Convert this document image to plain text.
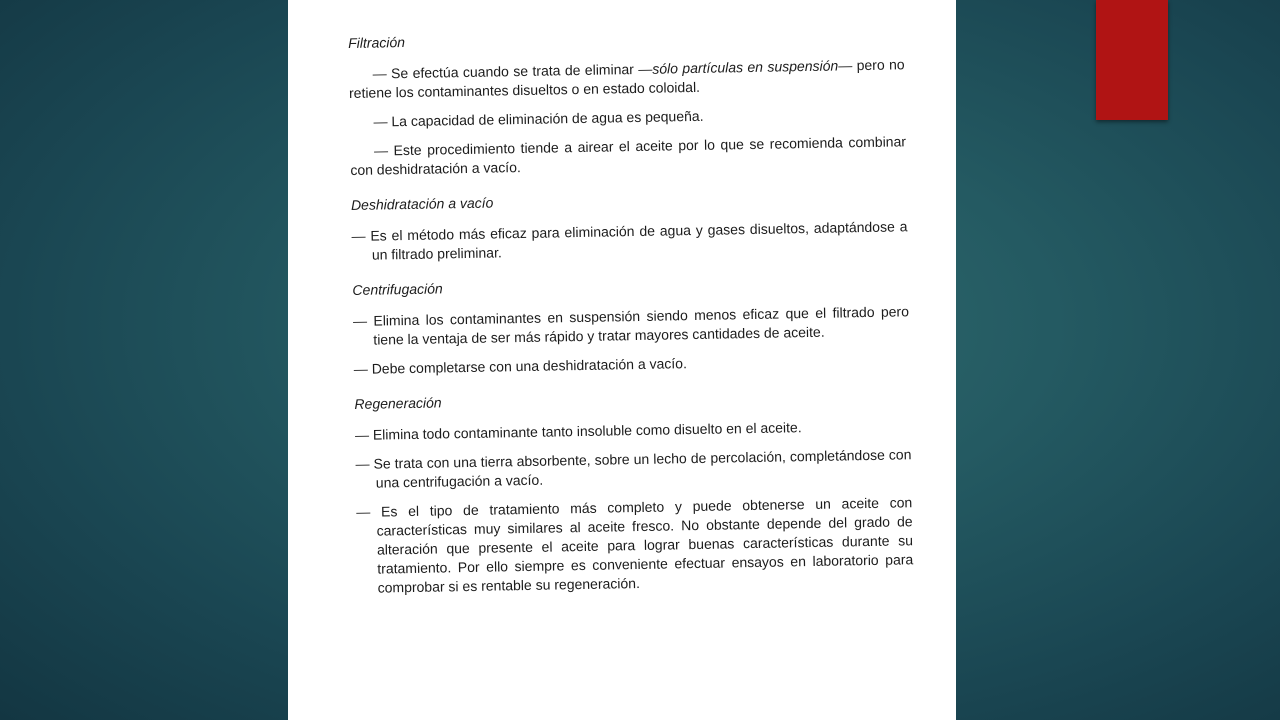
Filtración

— Se efectúa cuando se trata de eliminar —sólo partículas en suspensión— pero no retiene los contaminantes disueltos o en estado coloidal.

— La capacidad de eliminación de agua es pequeña.

— Este procedimiento tiende a airear el aceite por lo que se recomienda combinar con deshidratación a vacío.

Deshidratación a vacío

— Es el método más eficaz para eliminación de agua y gases disueltos, adaptándose a un filtrado preliminar.

Centrifugación

— Elimina los contaminantes en suspensión siendo menos eficaz que el filtrado pero tiene la ventaja de ser más rápido y tratar mayores cantidades de aceite.

— Debe completarse con una deshidratación a vacío.

Regeneración

— Elimina todo contaminante tanto insoluble como disuelto en el aceite.

— Se trata con una tierra absorbente, sobre un lecho de percolación, completándose con una centrifugación a vacío.

— Es el tipo de tratamiento más completo y puede obtenerse un aceite con características muy similares al aceite fresco. No obstante depende del grado de alteración que presente el aceite para lograr buenas características durante su tratamiento. Por ello siempre es conveniente efectuar ensayos en laboratorio para comprobar si es rentable su regeneración.
